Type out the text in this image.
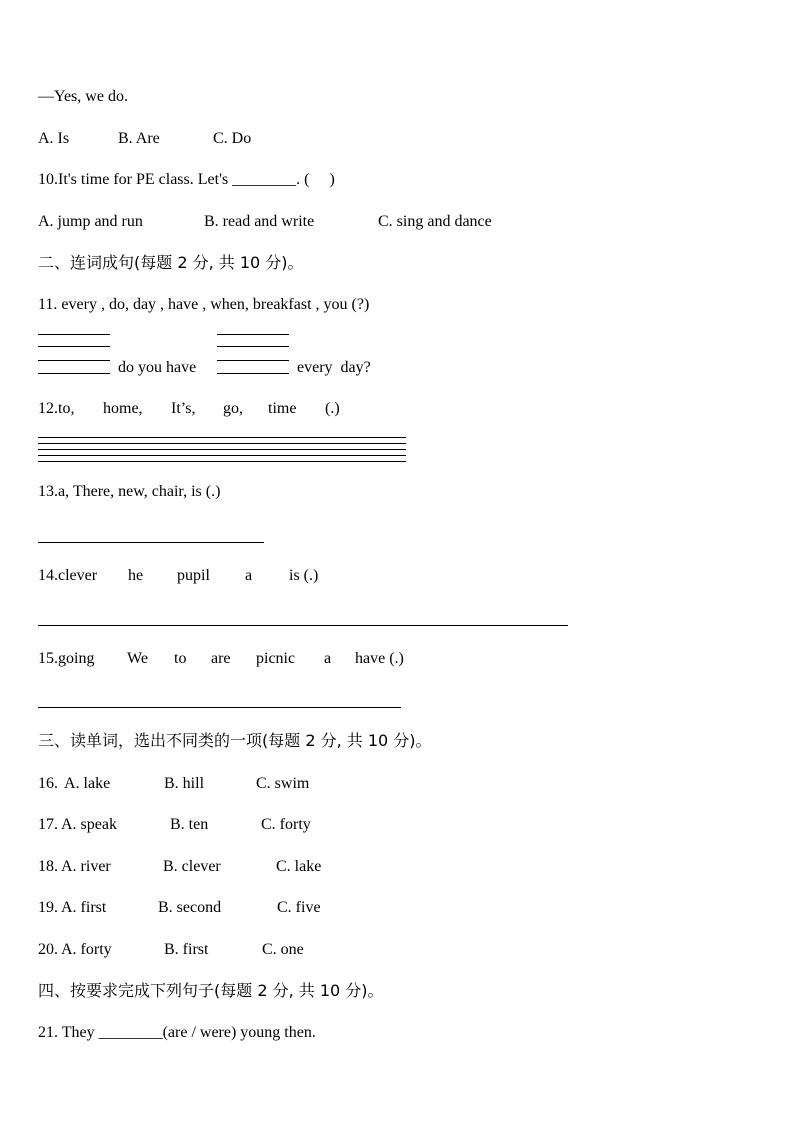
—Yes, we do.
A. Is	B. Are	C. Do
10.It's time for PE class. Let's ________. (     )
A. jump and run	B. read and write	C. sing and dance
二、连词成句(每题 2 分, 共 10 分)。
11. every , do, day , have , when, breakfast , you (?)
do you have	every  day?
12.to, home, It’s, go, time (.)
13.a, There, new, chair, is (.)
14.clever he pupil a is (.)
15.going We to are picnic a have (.)
三、读单词，选出不同类的一项(每题 2 分, 共 10 分)。
16. A. lake	B. hill	C. swim
17. A. speak	B. ten	C. forty
18. A. river	B. clever	C. lake
19. A. first	B. second	C. five
20. A. forty	B. first	C. one
四、按要求完成下列句子(每题 2 分, 共 10 分)。
21. They ________(are / were) young then.
